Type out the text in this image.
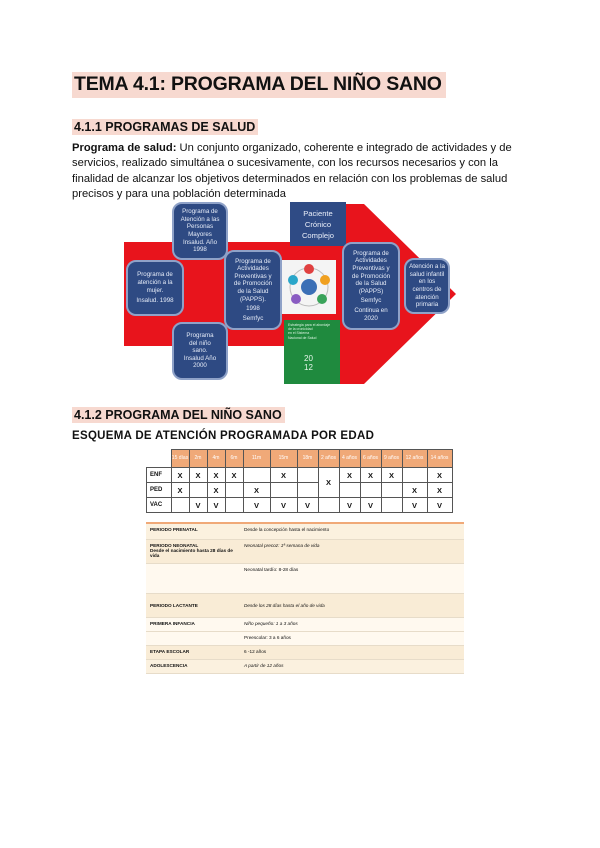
TEMA 4.1: PROGRAMA DEL NIÑO SANO
4.1.1 PROGRAMAS DE SALUD
Programa de salud: Un conjunto organizado, coherente e integrado de actividades y de servicios, realizado simultánea o sucesivamente, con los recursos necesarios y con la finalidad de alcanzar los objetivos determinados en relación con los problemas de salud precisos y para una población determinada
Programa de
atención a la
mujer.
Insalud. 1998
Programa de
Atención a las
Personas
Mayores
Insalud. Año
1998
Programa
del niño
sano.
Insalud Año
2000
Programa de
Actividades
Preventivas y
de Promoción
de la Salud
(PAPPS).
1998
Semfyc
Paciente
Crónico
Complejo
Estrategia para el abordaje
de la cronicidad
en el Sistema
Nacional de Salud
20
12
Programa de
Actividades
Preventivas y
de Promoción
de la Salud
(PAPPS)
Semfyc
Continua en
2020
Atención a la
salud infantil
en los
centros de
atención
primaria
4.1.2 PROGRAMA DEL NIÑO SANO
ESQUEMA DE ATENCIÓN PROGRAMADA POR EDAD
	15 días	2m	4m	6m	11m	15m	18m	2 años	4 años	6 años	9 años	12 años	14 años
ENF	X	X	X	X		X		X	X	X	X		X
PED	X		X		X							X	X
VAC		V	V		V	V	V		V	V		V	V
PERIODO PRENATAL	Desde la concepción hasta el nacimiento
PERIODO NEONATAL
Desde el nacimiento hasta 28 días de vida	Neonatal precoz: 1ª semana de vida
	Neonatal tardío: 8-28 días
PERIODO LACTANTE	Desde los 28 días hasta el año de vida
PRIMERA INFANCIA	Niño pequeño: 1 a 3 años
	Preescolar: 3 a 6 años
ETAPA ESCOLAR	6 -12 años
ADOLESCENCIA	A partir de 12 años
